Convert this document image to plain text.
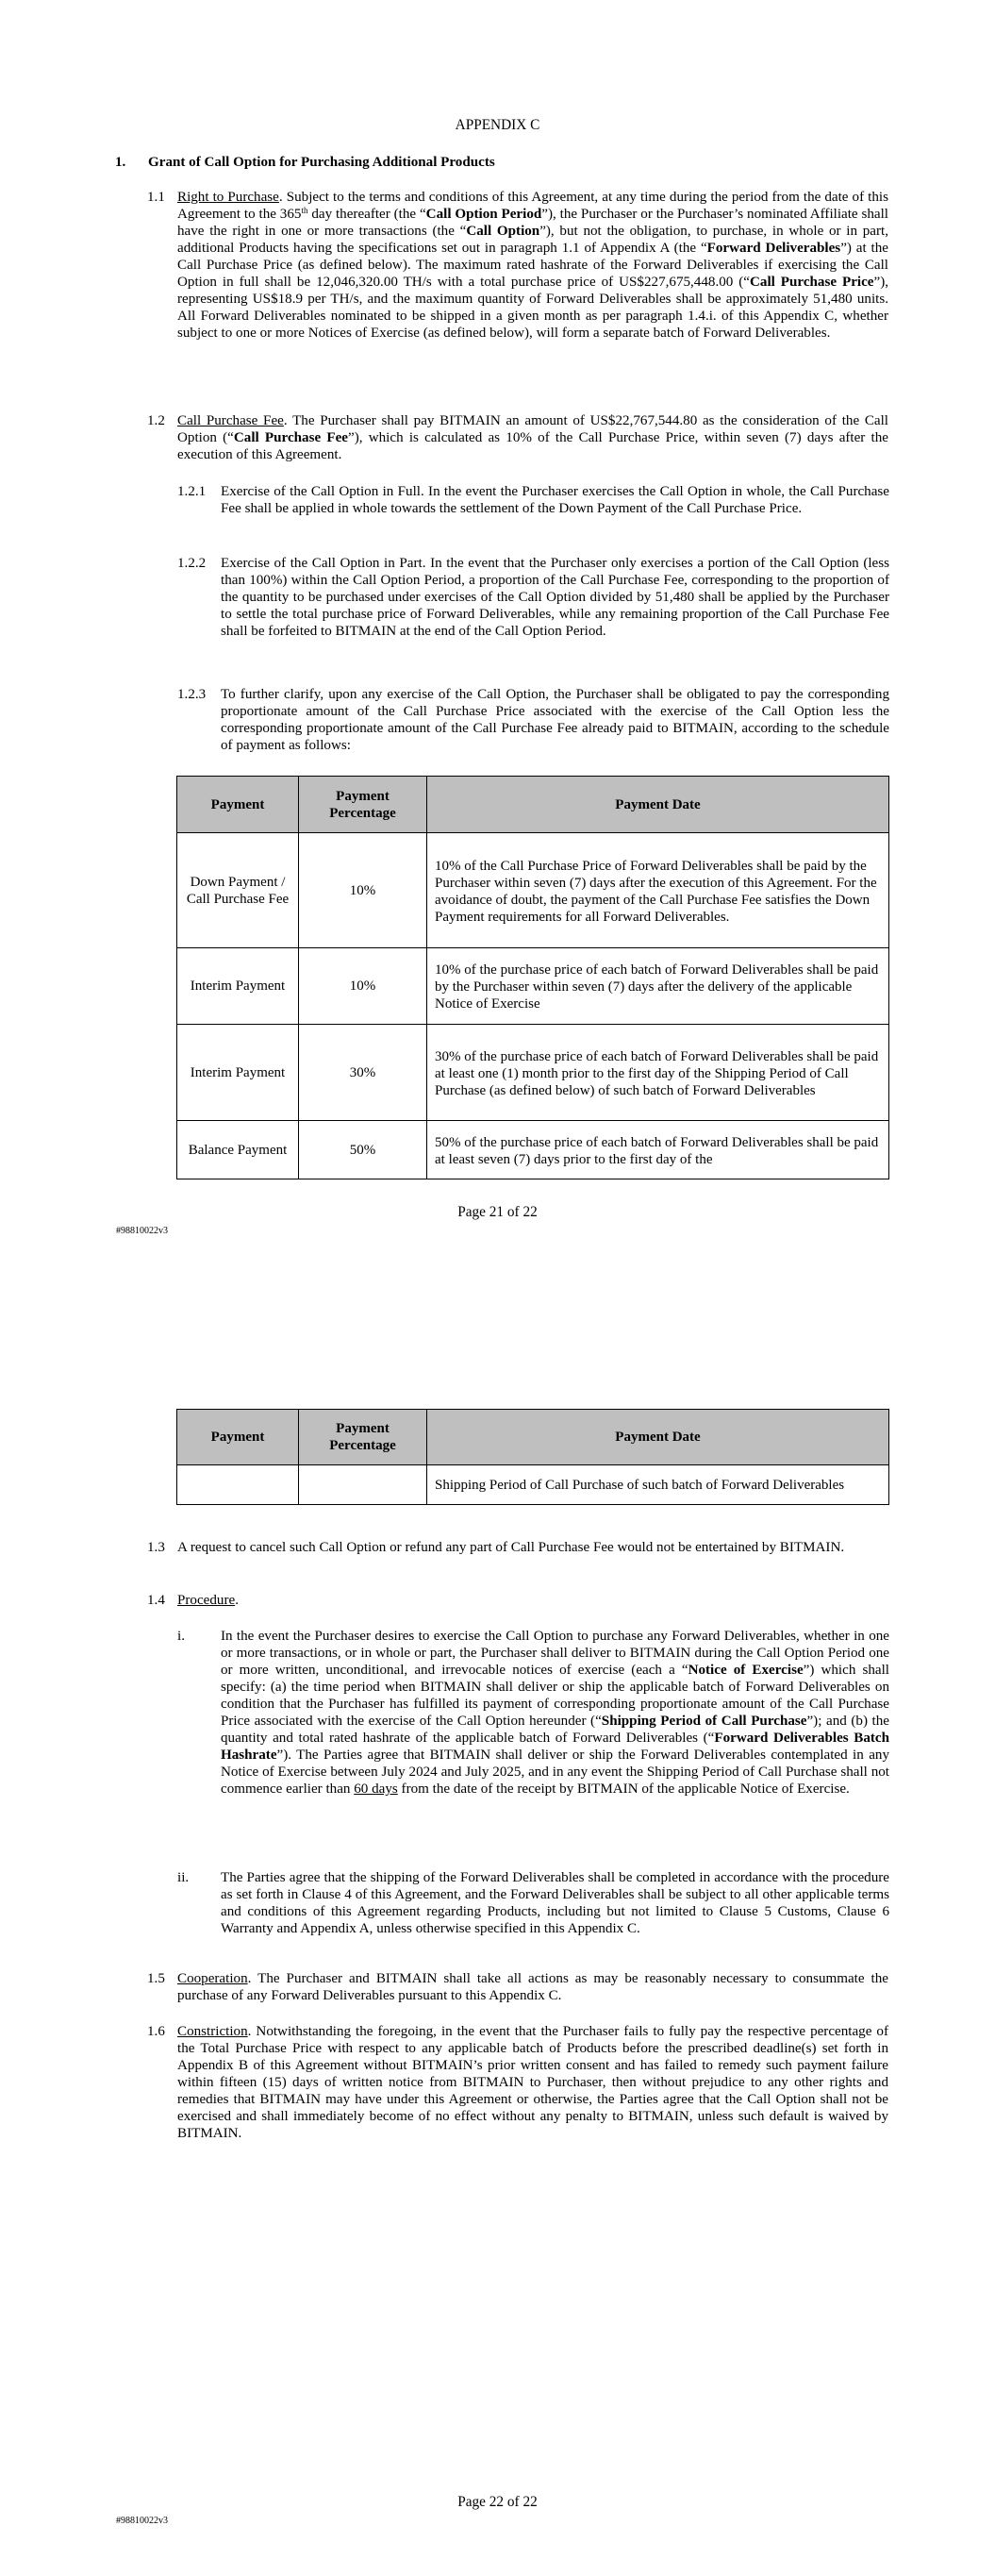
APPENDIX C
1. Grant of Call Option for Purchasing Additional Products
1.1 Right to Purchase. Subject to the terms and conditions of this Agreement, at any time during the period from the date of this Agreement to the 365th day thereafter (the “Call Option Period”), the Purchaser or the Purchaser’s nominated Affiliate shall have the right in one or more transactions (the “Call Option”), but not the obligation, to purchase, in whole or in part, additional Products having the specifications set out in paragraph 1.1 of Appendix A (the “Forward Deliverables”) at the Call Purchase Price (as defined below). The maximum rated hashrate of the Forward Deliverables if exercising the Call Option in full shall be 12,046,320.00 TH/s with a total purchase price of US$227,675,448.00 (“Call Purchase Price”), representing US$18.9 per TH/s, and the maximum quantity of Forward Deliverables shall be approximately 51,480 units. All Forward Deliverables nominated to be shipped in a given month as per paragraph 1.4.i. of this Appendix C, whether subject to one or more Notices of Exercise (as defined below), will form a separate batch of Forward Deliverables.
1.2 Call Purchase Fee. The Purchaser shall pay BITMAIN an amount of US$22,767,544.80 as the consideration of the Call Option (“Call Purchase Fee”), which is calculated as 10% of the Call Purchase Price, within seven (7) days after the execution of this Agreement.
1.2.1 Exercise of the Call Option in Full. In the event the Purchaser exercises the Call Option in whole, the Call Purchase Fee shall be applied in whole towards the settlement of the Down Payment of the Call Purchase Price.
1.2.2 Exercise of the Call Option in Part. In the event that the Purchaser only exercises a portion of the Call Option (less than 100%) within the Call Option Period, a proportion of the Call Purchase Fee, corresponding to the proportion of the quantity to be purchased under exercises of the Call Option divided by 51,480 shall be applied by the Purchaser to settle the total purchase price of Forward Deliverables, while any remaining proportion of the Call Purchase Fee shall be forfeited to BITMAIN at the end of the Call Option Period.
1.2.3 To further clarify, upon any exercise of the Call Option, the Purchaser shall be obligated to pay the corresponding proportionate amount of the Call Purchase Price associated with the exercise of the Call Option less the corresponding proportionate amount of the Call Purchase Fee already paid to BITMAIN, according to the schedule of payment as follows:
Payment	Payment Percentage	Payment Date
Down Payment / Call Purchase Fee	10%	10% of the Call Purchase Price of Forward Deliverables shall be paid by the Purchaser within seven (7) days after the execution of this Agreement. For the avoidance of doubt, the payment of the Call Purchase Fee satisfies the Down Payment requirements for all Forward Deliverables.
Interim Payment	10%	10% of the purchase price of each batch of Forward Deliverables shall be paid by the Purchaser within seven (7) days after the delivery of the applicable Notice of Exercise
Interim Payment	30%	30% of the purchase price of each batch of Forward Deliverables shall be paid at least one (1) month prior to the first day of the Shipping Period of Call Purchase (as defined below) of such batch of Forward Deliverables
Balance Payment	50%	50% of the purchase price of each batch of Forward Deliverables shall be paid at least seven (7) days prior to the first day of the
Page 21 of 22
#98810022v3
Payment	Payment Percentage	Payment Date
		Shipping Period of Call Purchase of such batch of Forward Deliverables
1.3 A request to cancel such Call Option or refund any part of Call Purchase Fee would not be entertained by BITMAIN.
1.4 Procedure.
i.	In the event the Purchaser desires to exercise the Call Option to purchase any Forward Deliverables, whether in one or more transactions, or in whole or part, the Purchaser shall deliver to BITMAIN during the Call Option Period one or more written, unconditional, and irrevocable notices of exercise (each a “Notice of Exercise”) which shall specify: (a) the time period when BITMAIN shall deliver or ship the applicable batch of Forward Deliverables on condition that the Purchaser has fulfilled its payment of corresponding proportionate amount of the Call Purchase Price associated with the exercise of the Call Option hereunder (“Shipping Period of Call Purchase”); and (b) the quantity and total rated hashrate of the applicable batch of Forward Deliverables (“Forward Deliverables Batch Hashrate”). The Parties agree that BITMAIN shall deliver or ship the Forward Deliverables contemplated in any Notice of Exercise between July 2024 and July 2025, and in any event the Shipping Period of Call Purchase shall not commence earlier than 60 days from the date of the receipt by BITMAIN of the applicable Notice of Exercise.
ii. The Parties agree that the shipping of the Forward Deliverables shall be completed in accordance with the procedure as set forth in Clause 4 of this Agreement, and the Forward Deliverables shall be subject to all other applicable terms and conditions of this Agreement regarding Products, including but not limited to Clause 5 Customs, Clause 6 Warranty and Appendix A, unless otherwise specified in this Appendix C.
1.5 Cooperation. The Purchaser and BITMAIN shall take all actions as may be reasonably necessary to consummate the purchase of any Forward Deliverables pursuant to this Appendix C.
1.6 Constriction. Notwithstanding the foregoing, in the event that the Purchaser fails to fully pay the respective percentage of the Total Purchase Price with respect to any applicable batch of Products before the prescribed deadline(s) set forth in Appendix B of this Agreement without BITMAIN’s prior written consent and has failed to remedy such payment failure within fifteen (15) days of written notice from BITMAIN to Purchaser, then without prejudice to any other rights and remedies that BITMAIN may have under this Agreement or otherwise, the Parties agree that the Call Option shall not be exercised and shall immediately become of no effect without any penalty to BITMAIN, unless such default is waived by BITMAIN.
Page 22 of 22
#98810022v3
